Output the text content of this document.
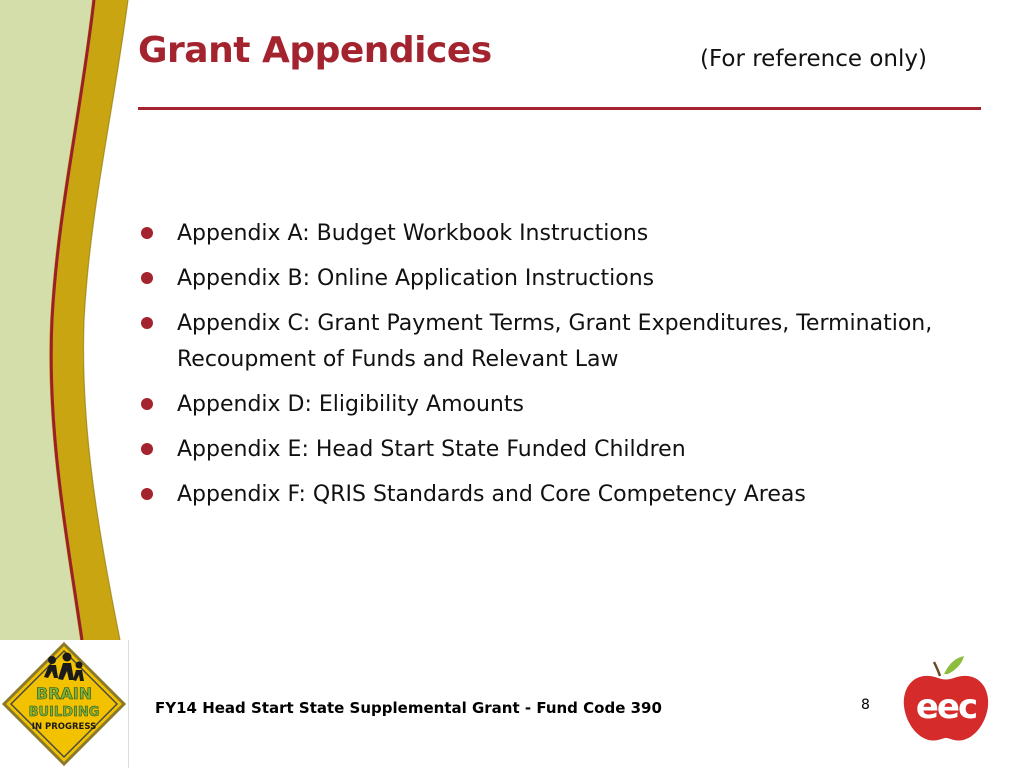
Grant Appendices	(For reference only)
Appendix A: Budget Workbook Instructions
Appendix B: Online Application Instructions
Appendix C: Grant Payment Terms, Grant Expenditures, Termination, Recoupment of Funds and Relevant Law
Appendix D: Eligibility Amounts
Appendix E: Head Start State Funded Children
Appendix F: QRIS Standards and Core Competency Areas
BRAIN
BUILDING
IN PROGRESS
FY14 Head Start State Supplemental Grant - Fund Code 390	8 eec
